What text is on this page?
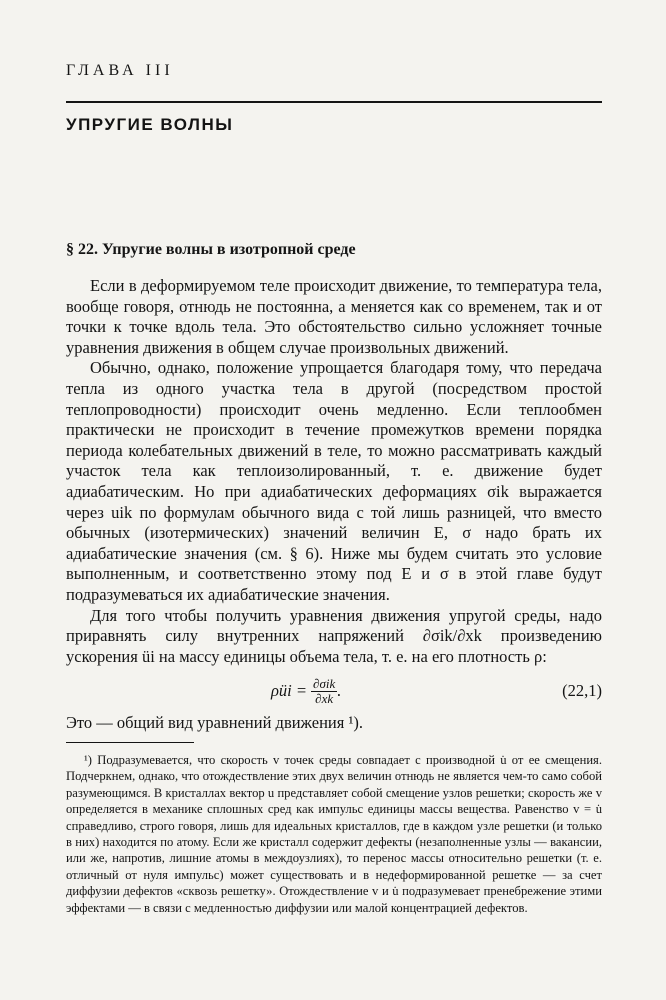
ГЛАВА III
УПРУГИЕ ВОЛНЫ
§ 22. Упругие волны в изотропной среде

Если в деформируемом теле происходит движение, то температура тела, вообще говоря, отнюдь не постоянна, а меняется как со временем, так и от точки к точке вдоль тела. Это обстоятельство сильно усложняет точные уравнения движения в общем случае произвольных движений.

Обычно, однако, положение упрощается благодаря тому, что передача тепла из одного участка тела в другой (посредством простой теплопроводности) происходит очень медленно. Если теплообмен практически не происходит в течение промежутков времени порядка периода колебательных движений в теле, то можно рассматривать каждый участок тела как теплоизолированный, т. е. движение будет адиабатическим. Но при адиабатических деформациях σik выражается через uik по формулам обычного вида с той лишь разницей, что вместо обычных (изотермических) значений величин E, σ надо брать их адиабатические значения (см. § 6). Ниже мы будем считать это условие выполненным, и соответственно этому под E и σ в этой главе будут подразумеваться их адиабатические значения.

Для того чтобы получить уравнения движения упругой среды, надо приравнять силу внутренних напряжений ∂σik/∂xk произведению ускорения üi на массу единицы объема тела, т. е. на его плотность ρ:

ρüi = $\frac{\text{∂σik}}{\partial xk}$ .	(22,1)

Это — общий вид уравнений движения ¹).

¹) Подразумевается, что скорость v точек среды совпадает с производной u̇ от ее смещения. Подчеркнем, однако, что отождествление этих двух величин отнюдь не является чем-то само собой разумеющимся. В кристаллах вектор u представляет собой смещение узлов решетки; скорость же v определяется в механике сплошных сред как импульс единицы массы вещества. Равенство v = u̇ справедливо, строго говоря, лишь для идеальных кристаллов, где в каждом узле решетки (и только в них) находится по атому. Если же кристалл содержит дефекты (незаполненные узлы — вакансии, или же, напротив, лишние атомы в междоузлиях), то перенос массы относительно решетки (т. е. отличный от нуля импульс) может существовать и в недеформированной решетке — за счет диффузии дефектов «сквозь решетку». Отождествление v и u̇ подразумевает пренебрежение этими эффектами — в связи с медленностью диффузии или малой концентрацией дефектов.
